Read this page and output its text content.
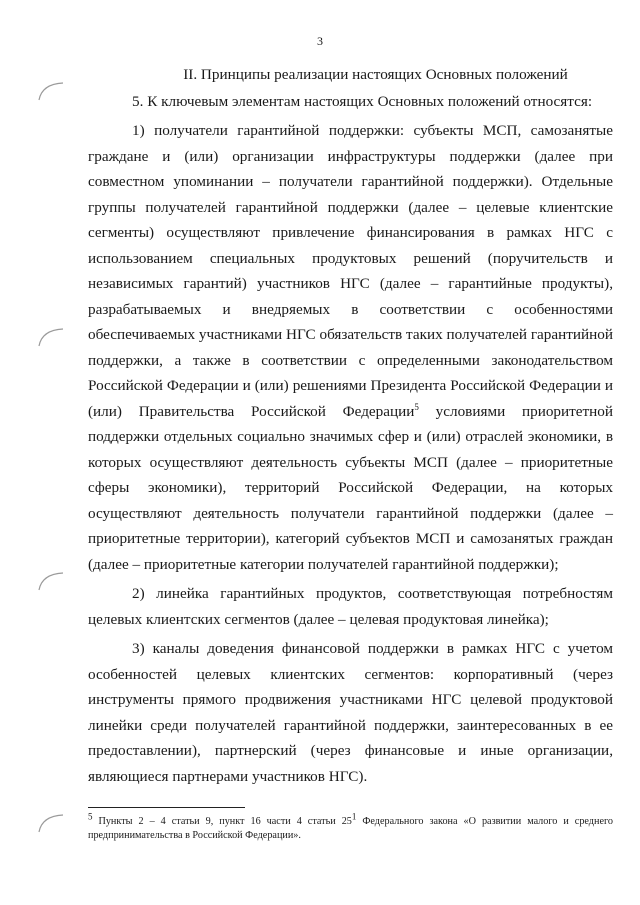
3
II. Принципы реализации настоящих Основных положений

5. К ключевым элементам настоящих Основных положений относятся:

1) получатели гарантийной поддержки: субъекты МСП, самозанятые граждане и (или) организации инфраструктуры поддержки (далее при совместном упоминании – получатели гарантийной поддержки). Отдельные группы получателей гарантийной поддержки (далее – целевые клиентские сегменты) осуществляют привлечение финансирования в рамках НГС с использованием специальных продуктовых решений (поручительств и независимых гарантий) участников НГС (далее – гарантийные продукты), разрабатываемых и внедряемых в соответствии с особенностями обеспечиваемых участниками НГС обязательств таких получателей гарантийной поддержки, а также в соответствии с определенными законодательством Российской Федерации и (или) решениями Президента Российской Федерации и (или) Правительства Российской Федерации$^5$ условиями приоритетной поддержки отдельных социально значимых сфер и (или) отраслей экономики, в которых осуществляют деятельность субъекты МСП (далее – приоритетные сферы экономики), территорий Российской Федерации, на которых осуществляют деятельность получатели гарантийной поддержки (далее – приоритетные территории), категорий субъектов МСП и самозанятых граждан (далее – приоритетные категории получателей гарантийной поддержки);

2) линейка гарантийных продуктов, соответствующая потребностям целевых клиентских сегментов (далее – целевая продуктовая линейка);

3) каналы доведения финансовой поддержки в рамках НГС с учетом особенностей целевых клиентских сегментов: корпоративный (через инструменты прямого продвижения участниками НГС целевой продуктовой линейки среди получателей гарантийной поддержки, заинтересованных в ее предоставлении), партнерский (через финансовые и иные организации, являющиеся партнерами участников НГС).

$^5$ Пункты 2 – 4 статьи 9, пункт 16 части 4 статьи $25^1$ Федерального закона «О развитии малого и среднего предпринимательства в Российской Федерации».
